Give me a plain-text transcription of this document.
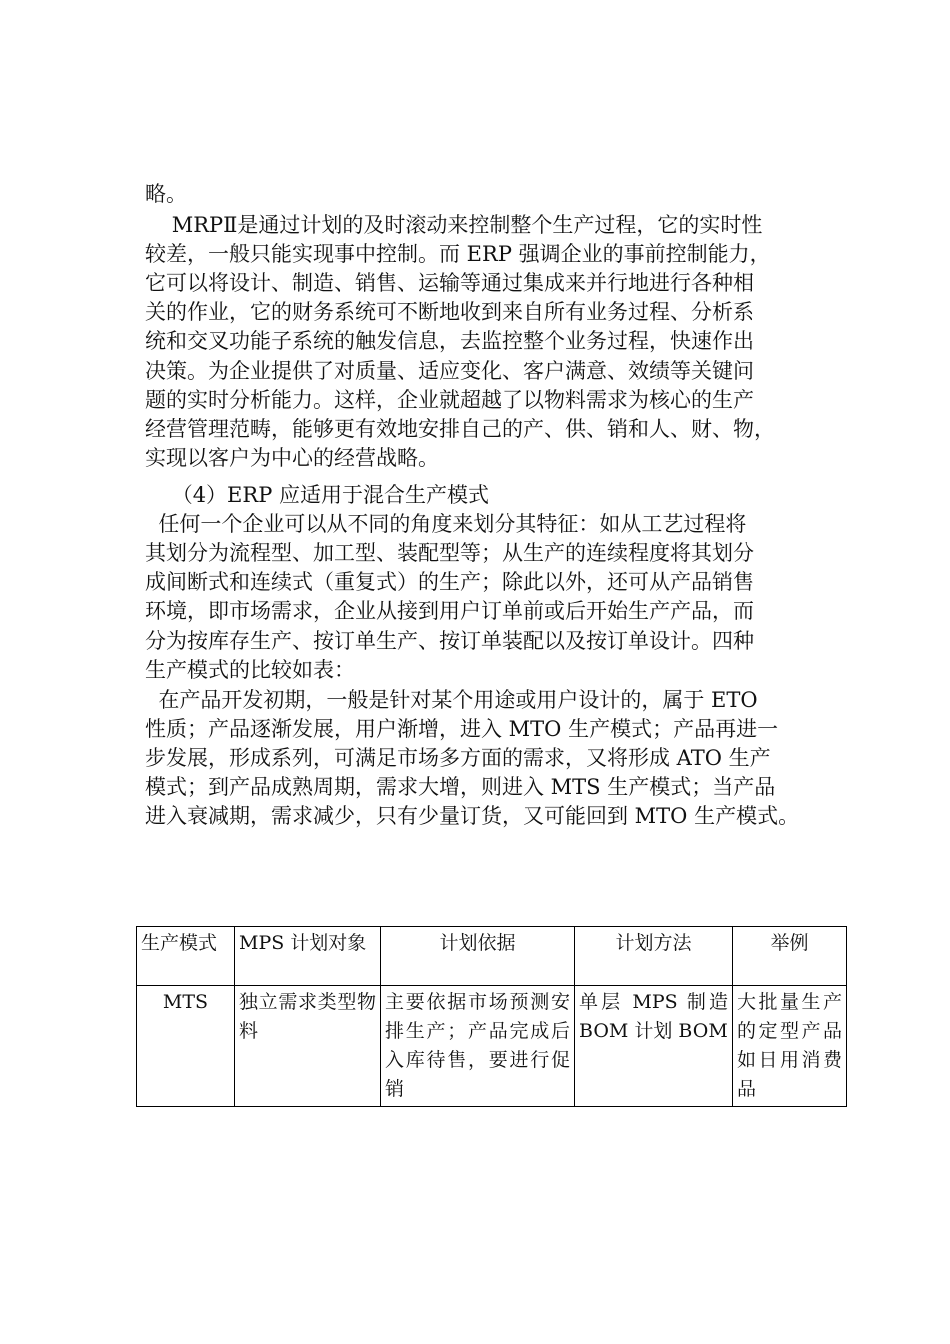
略。
MRPⅡ是通过计划的及时滚动来控制整个生产过程，它的实时性
较差，一般只能实现事中控制。而 ERP 强调企业的事前控制能力，
它可以将设计、制造、销售、运输等通过集成来并行地进行各种相
关的作业，它的财务系统可不断地收到来自所有业务过程、分析系
统和交叉功能子系统的触发信息，去监控整个业务过程，快速作出
决策。为企业提供了对质量、适应变化、客户满意、效绩等关键问
题的实时分析能力。这样，企业就超越了以物料需求为核心的生产
经营管理范畴，能够更有效地安排自己的产、供、销和人、财、物，
实现以客户为中心的经营战略。
（4）ERP 应适用于混合生产模式
任何一个企业可以从不同的角度来划分其特征：如从工艺过程将
其划分为流程型、加工型、装配型等；从生产的连续程度将其划分
成间断式和连续式（重复式）的生产；除此以外，还可从产品销售
环境，即市场需求，企业从接到用户订单前或后开始生产产品，而
分为按库存生产、按订单生产、按订单装配以及按订单设计。四种
生产模式的比较如表：
在产品开发初期，一般是针对某个用途或用户设计的，属于 ETO
性质；产品逐渐发展，用户渐增，进入 MTO 生产模式；产品再进一
步发展，形成系列，可满足市场多方面的需求，又将形成 ATO 生产
模式；到产品成熟周期，需求大增，则进入 MTS 生产模式；当产品
进入衰减期，需求减少，只有少量订货，又可能回到 MTO 生产模式。
生产模式	MPS 计划对象	计划依据	计划方法	举例
MTS	独立需求类型物料	主要依据市场预测安排生产；产品完成后入库待售，要进行促销	单层 MPS 制造 BOM 计划 BOM	大批量生产的定型产品如日用消费品
